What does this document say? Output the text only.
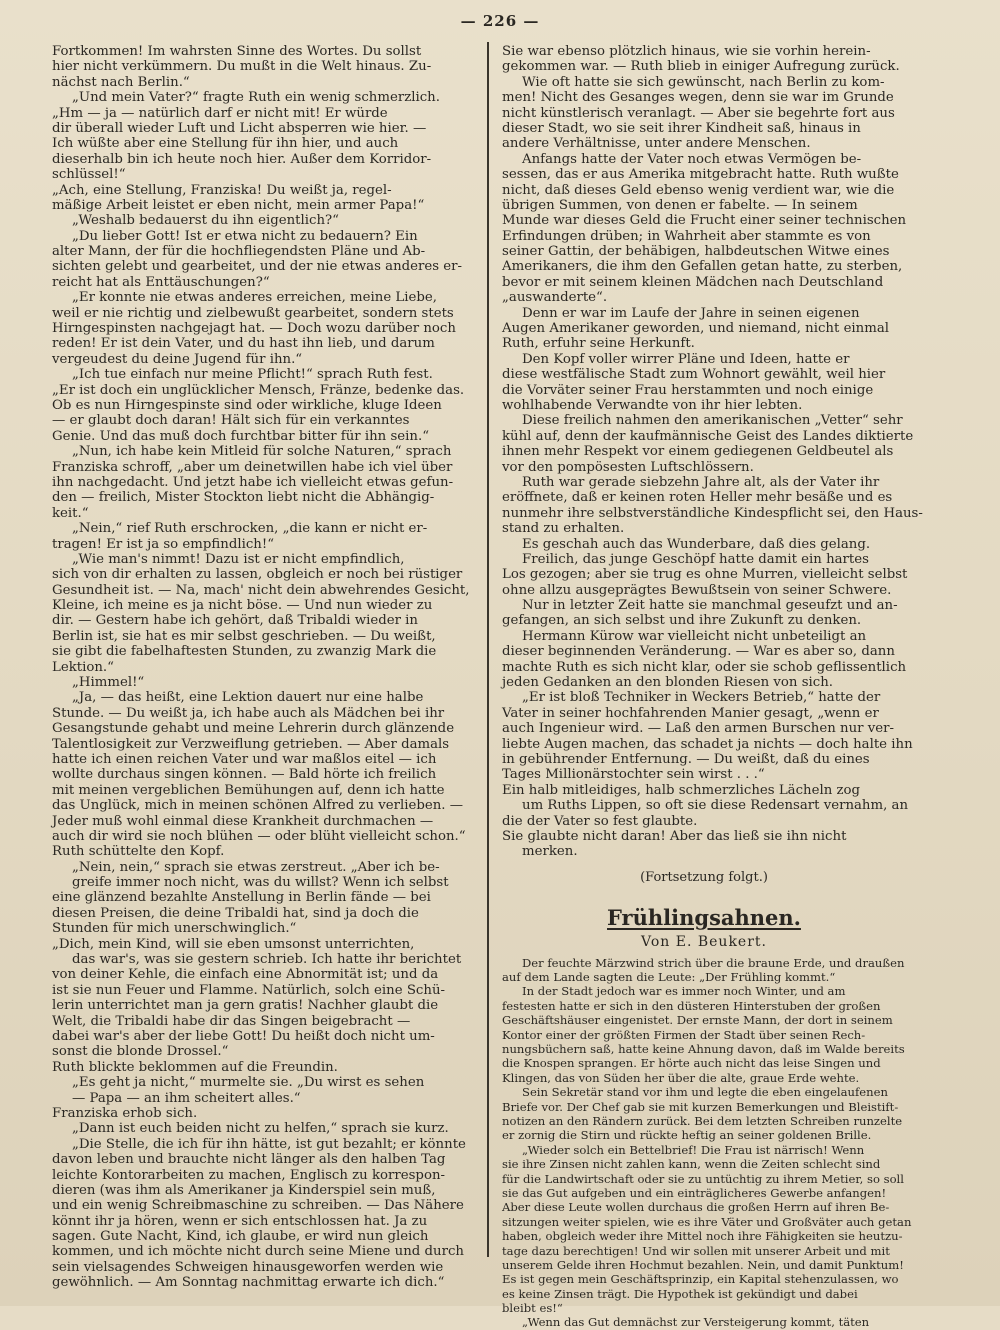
— 226 —
Fortkommen! Im wahrsten Sinne des Wortes. Du sollst
hier nicht verkümmern. Du mußt in die Welt hinaus. Zu-
nächst nach Berlin.“
„Und mein Vater?“ fragte Ruth ein wenig schmerzlich.
„Hm — ja — natürlich darf er nicht mit! Er würde
dir überall wieder Luft und Licht absperren wie hier. —
Ich wüßte aber eine Stellung für ihn hier, und auch
dieserhalb bin ich heute noch hier. Außer dem Korridor-
schlüssel!“
„Ach, eine Stellung, Franziska! Du weißt ja, regel-
mäßige Arbeit leistet er eben nicht, mein armer Papa!“
„Weshalb bedauerst du ihn eigentlich?“
„Du lieber Gott! Ist er etwa nicht zu bedauern? Ein
alter Mann, der für die hochfliegendsten Pläne und Ab-
sichten gelebt und gearbeitet, und der nie etwas anderes er-
reicht hat als Enttäuschungen?“
„Er konnte nie etwas anderes erreichen, meine Liebe,
weil er nie richtig und zielbewußt gearbeitet, sondern stets
Hirngespinsten nachgejagt hat. — Doch wozu darüber noch
reden! Er ist dein Vater, und du hast ihn lieb, und darum
vergeudest du deine Jugend für ihn.“
„Ich tue einfach nur meine Pflicht!“ sprach Ruth fest.
„Er ist doch ein unglücklicher Mensch, Fränze, bedenke das.
Ob es nun Hirngespinste sind oder wirkliche, kluge Ideen
— er glaubt doch daran! Hält sich für ein verkanntes
Genie. Und das muß doch furchtbar bitter für ihn sein.“
„Nun, ich habe kein Mitleid für solche Naturen,“ sprach
Franziska schroff, „aber um deinetwillen habe ich viel über
ihn nachgedacht. Und jetzt habe ich vielleicht etwas gefun-
den — freilich, Mister Stockton liebt nicht die Abhängig-
keit.“
„Nein,“ rief Ruth erschrocken, „die kann er nicht er-
tragen! Er ist ja so empfindlich!“
„Wie man's nimmt! Dazu ist er nicht empfindlich,
sich von dir erhalten zu lassen, obgleich er noch bei rüstiger
Gesundheit ist. — Na, mach' nicht dein abwehrendes Gesicht,
Kleine, ich meine es ja nicht böse. — Und nun wieder zu
dir. — Gestern habe ich gehört, daß Tribaldi wieder in
Berlin ist, sie hat es mir selbst geschrieben. — Du weißt,
sie gibt die fabelhaftesten Stunden, zu zwanzig Mark die
Lektion.“
„Himmel!“
„Ja, — das heißt, eine Lektion dauert nur eine halbe
Stunde. — Du weißt ja, ich habe auch als Mädchen bei ihr
Gesangstunde gehabt und meine Lehrerin durch glänzende
Talentlosigkeit zur Verzweiflung getrieben. — Aber damals
hatte ich einen reichen Vater und war maßlos eitel — ich
wollte durchaus singen können. — Bald hörte ich freilich
mit meinen vergeblichen Bemühungen auf, denn ich hatte
das Unglück, mich in meinen schönen Alfred zu verlieben. —
Jeder muß wohl einmal diese Krankheit durchmachen —
auch dir wird sie noch blühen — oder blüht vielleicht schon.“
Ruth schüttelte den Kopf.
„Nein, nein,“ sprach sie etwas zerstreut. „Aber ich be-
greife immer noch nicht, was du willst? Wenn ich selbst
eine glänzend bezahlte Anstellung in Berlin fände — bei
diesen Preisen, die deine Tribaldi hat, sind ja doch die
Stunden für mich unerschwinglich.“
„Dich, mein Kind, will sie eben umsonst unterrichten,
das war's, was sie gestern schrieb. Ich hatte ihr berichtet
von deiner Kehle, die einfach eine Abnormität ist; und da
ist sie nun Feuer und Flamme. Natürlich, solch eine Schü-
lerin unterrichtet man ja gern gratis! Nachher glaubt die
Welt, die Tribaldi habe dir das Singen beigebracht —
dabei war's aber der liebe Gott! Du heißt doch nicht um-
sonst die blonde Drossel.“
Ruth blickte beklommen auf die Freundin.
„Es geht ja nicht,“ murmelte sie. „Du wirst es sehen
— Papa — an ihm scheitert alles.“
Franziska erhob sich.
„Dann ist euch beiden nicht zu helfen,“ sprach sie kurz.
„Die Stelle, die ich für ihn hätte, ist gut bezahlt; er könnte
davon leben und brauchte nicht länger als den halben Tag
leichte Kontorarbeiten zu machen, Englisch zu korrespon-
dieren (was ihm als Amerikaner ja Kinderspiel sein muß,
und ein wenig Schreibmaschine zu schreiben. — Das Nähere
könnt ihr ja hören, wenn er sich entschlossen hat. Ja zu
sagen. Gute Nacht, Kind, ich glaube, er wird nun gleich
kommen, und ich möchte nicht durch seine Miene und durch
sein vielsagendes Schweigen hinausgeworfen werden wie
gewöhnlich. — Am Sonntag nachmittag erwarte ich dich.“
Sie war ebenso plötzlich hinaus, wie sie vorhin herein-
gekommen war. — Ruth blieb in einiger Aufregung zurück.
Wie oft hatte sie sich gewünscht, nach Berlin zu kom-
men! Nicht des Gesanges wegen, denn sie war im Grunde
nicht künstlerisch veranlagt. — Aber sie begehrte fort aus
dieser Stadt, wo sie seit ihrer Kindheit saß, hinaus in
andere Verhältnisse, unter andere Menschen.
Anfangs hatte der Vater noch etwas Vermögen be-
sessen, das er aus Amerika mitgebracht hatte. Ruth wußte
nicht, daß dieses Geld ebenso wenig verdient war, wie die
übrigen Summen, von denen er fabelte. — In seinem
Munde war dieses Geld die Frucht einer seiner technischen
Erfindungen drüben; in Wahrheit aber stammte es von
seiner Gattin, der behäbigen, halbdeutschen Witwe eines
Amerikaners, die ihm den Gefallen getan hatte, zu sterben,
bevor er mit seinem kleinen Mädchen nach Deutschland
„auswanderte“.
Denn er war im Laufe der Jahre in seinen eigenen
Augen Amerikaner geworden, und niemand, nicht einmal
Ruth, erfuhr seine Herkunft.
Den Kopf voller wirrer Pläne und Ideen, hatte er
diese westfälische Stadt zum Wohnort gewählt, weil hier
die Vorväter seiner Frau herstammten und noch einige
wohlhabende Verwandte von ihr hier lebten.
Diese freilich nahmen den amerikanischen „Vetter“ sehr
kühl auf, denn der kaufmännische Geist des Landes diktierte
ihnen mehr Respekt vor einem gediegenen Geldbeutel als
vor den pompösesten Luftschlössern.
Ruth war gerade siebzehn Jahre alt, als der Vater ihr
eröffnete, daß er keinen roten Heller mehr besäße und es
nunmehr ihre selbstverständliche Kindespflicht sei, den Haus-
stand zu erhalten.
Es geschah auch das Wunderbare, daß dies gelang.
Freilich, das junge Geschöpf hatte damit ein hartes
Los gezogen; aber sie trug es ohne Murren, vielleicht selbst
ohne allzu ausgeprägtes Bewußtsein von seiner Schwere.
Nur in letzter Zeit hatte sie manchmal geseufzt und an-
gefangen, an sich selbst und ihre Zukunft zu denken.
Hermann Kürow war vielleicht nicht unbeteiligt an
dieser beginnenden Veränderung. — War es aber so, dann
machte Ruth es sich nicht klar, oder sie schob geflissentlich
jeden Gedanken an den blonden Riesen von sich.
„Er ist bloß Techniker in Weckers Betrieb,“ hatte der
Vater in seiner hochfahrenden Manier gesagt, „wenn er
auch Ingenieur wird. — Laß den armen Burschen nur ver-
liebte Augen machen, das schadet ja nichts — doch halte ihn
in gebührender Entfernung. — Du weißt, daß du eines
Tages Millionärstochter sein wirst . . .“
Ein halb mitleidiges, halb schmerzliches Lächeln zog
um Ruths Lippen, so oft sie diese Redensart vernahm, an
die der Vater so fest glaubte.
Sie glaubte nicht daran! Aber das ließ sie ihn nicht
merken.
(Fortsetzung folgt.)
Frühlingsahnen.
Von E. Beukert.
Der feuchte Märzwind strich über die braune Erde, und draußen
auf dem Lande sagten die Leute: „Der Frühling kommt.“
In der Stadt jedoch war es immer noch Winter, und am
festesten hatte er sich in den düsteren Hinterstuben der großen
Geschäftshäuser eingenistet. Der ernste Mann, der dort in seinem
Kontor einer der größten Firmen der Stadt über seinen Rech-
nungsbüchern saß, hatte keine Ahnung davon, daß im Walde bereits
die Knospen sprangen. Er hörte auch nicht das leise Singen und
Klingen, das von Süden her über die alte, graue Erde wehte.
Sein Sekretär stand vor ihm und legte die eben eingelaufenen
Briefe vor. Der Chef gab sie mit kurzen Bemerkungen und Bleistift-
notizen an den Rändern zurück. Bei dem letzten Schreiben runzelte
er zornig die Stirn und rückte heftig an seiner goldenen Brille.
„Wieder solch ein Bettelbrief! Die Frau ist närrisch! Wenn
sie ihre Zinsen nicht zahlen kann, wenn die Zeiten schlecht sind
für die Landwirtschaft oder sie zu untüchtig zu ihrem Metier, so soll
sie das Gut aufgeben und ein einträglicheres Gewerbe anfangen!
Aber diese Leute wollen durchaus die großen Herrn auf ihren Be-
sitzungen weiter spielen, wie es ihre Väter und Großväter auch getan
haben, obgleich weder ihre Mittel noch ihre Fähigkeiten sie heutzu-
tage dazu berechtigen! Und wir sollen mit unserer Arbeit und mit
unserem Gelde ihren Hochmut bezahlen. Nein, und damit Punktum!
Es ist gegen mein Geschäftsprinzip, ein Kapital stehenzulassen, wo
es keine Zinsen trägt. Die Hypothek ist gekündigt und dabei
bleibt es!“
„Wenn das Gut demnächst zur Versteigerung kommt, täten
